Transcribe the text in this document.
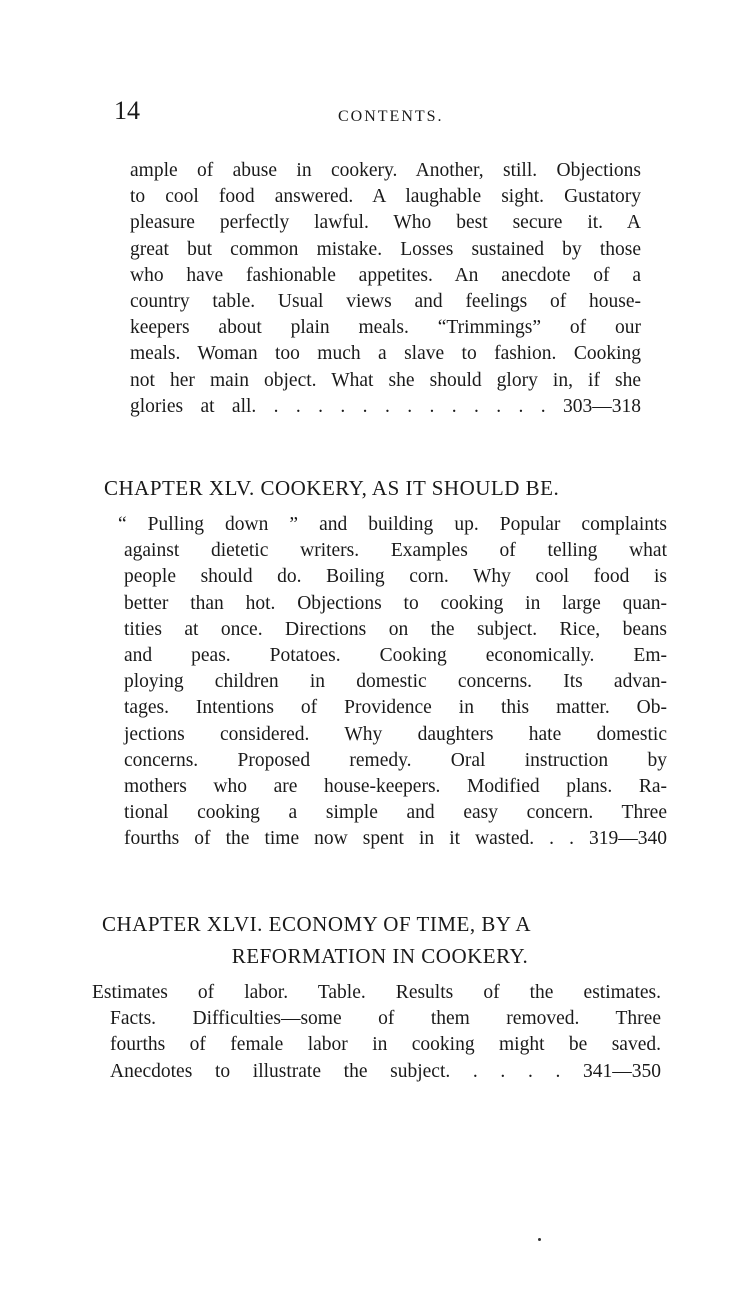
14	CONTENTS.
ample of abuse in cookery. Another, still. Objections
to cool food answered. A laughable sight. Gustatory
pleasure perfectly lawful. Who best secure it. A
great but common mistake. Losses sustained by those
who have fashionable appetites. An anecdote of a
country table. Usual views and feelings of house-
keepers about plain meals. “Trimmings” of our
meals. Woman too much a slave to fashion. Cooking
not her main object. What she should glory in, if she
glories at all. . . . . . . . . . . . . . 303—318
CHAPTER XLV. COOKERY, AS IT SHOULD BE.
“ Pulling down ” and building up. Popular complaints
against dietetic writers. Examples of telling what
people should do. Boiling corn. Why cool food is
better than hot. Objections to cooking in large quan-
tities at once. Directions on the subject. Rice, beans
and peas. Potatoes. Cooking economically. Em-
ploying children in domestic concerns. Its advan-
tages. Intentions of Providence in this matter. Ob-
jections considered. Why daughters hate domestic
concerns. Proposed remedy. Oral instruction by
mothers who are house-keepers. Modified plans. Ra-
tional cooking a simple and easy concern. Three
fourths of the time now spent in it wasted. . . 319—340
CHAPTER XLVI. ECONOMY OF TIME, BY A
REFORMATION IN COOKERY.
Estimates of labor. Table. Results of the estimates.
Facts. Difficulties—some of them removed. Three
fourths of female labor in cooking might be saved.
Anecdotes to illustrate the subject. . . . . 341—350
